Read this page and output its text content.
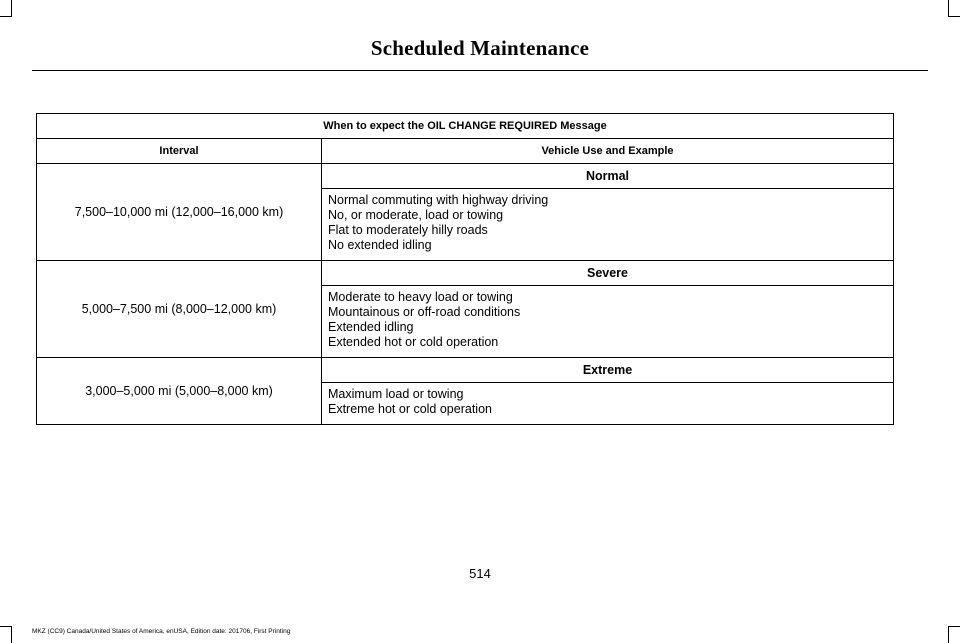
Scheduled Maintenance
When to expect the OIL CHANGE REQUIRED Message	
Interval	Vehicle Use and Example
7,500–10,000 mi (12,000–16,000 km)	Normal

	Normal commuting with highway driving
No, or moderate, load or towing
Flat to moderately hilly roads
No extended idling

5,000–7,500 mi (8,000–12,000 km)	Severe

	Moderate to heavy load or towing
Mountainous or off-road conditions
Extended idling
Extended hot or cold operation

3,000–5,000 mi (5,000–8,000 km)	Extreme

	Maximum load or towing
Extreme hot or cold operation
514
MKZ (CC9) Canada/United States of America, enUSA, Edition date: 201706, First Printing
